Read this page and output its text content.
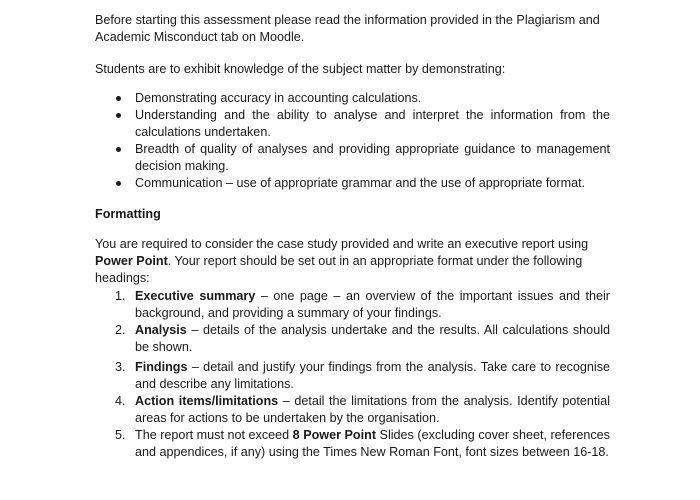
Before starting this assessment please read the information provided in the Plagiarism and Academic Misconduct tab on Moodle.

Students are to exhibit knowledge of the subject matter by demonstrating:

Demonstrating accuracy in accounting calculations.
Understanding and the ability to analyse and interpret the information from the calculations undertaken.
Breadth of quality of analyses and providing appropriate guidance to management decision making.
Communication – use of appropriate grammar and the use of appropriate format.

Formatting

You are required to consider the case study provided and write an executive report using Power Point. Your report should be set out in an appropriate format under the following headings:

1. Executive summary – one page – an overview of the important issues and their background, and providing a summary of your findings.
2. Analysis – details of the analysis undertake and the results. All calculations should be shown.
3. Findings – detail and justify your findings from the analysis. Take care to recognise and describe any limitations.
4. Action items/limitations – detail the limitations from the analysis. Identify potential areas for actions to be undertaken by the organisation.
5. The report must not exceed 8 Power Point Slides (excluding cover sheet, references and appendices, if any) using the Times New Roman Font, font sizes between 16-18.
